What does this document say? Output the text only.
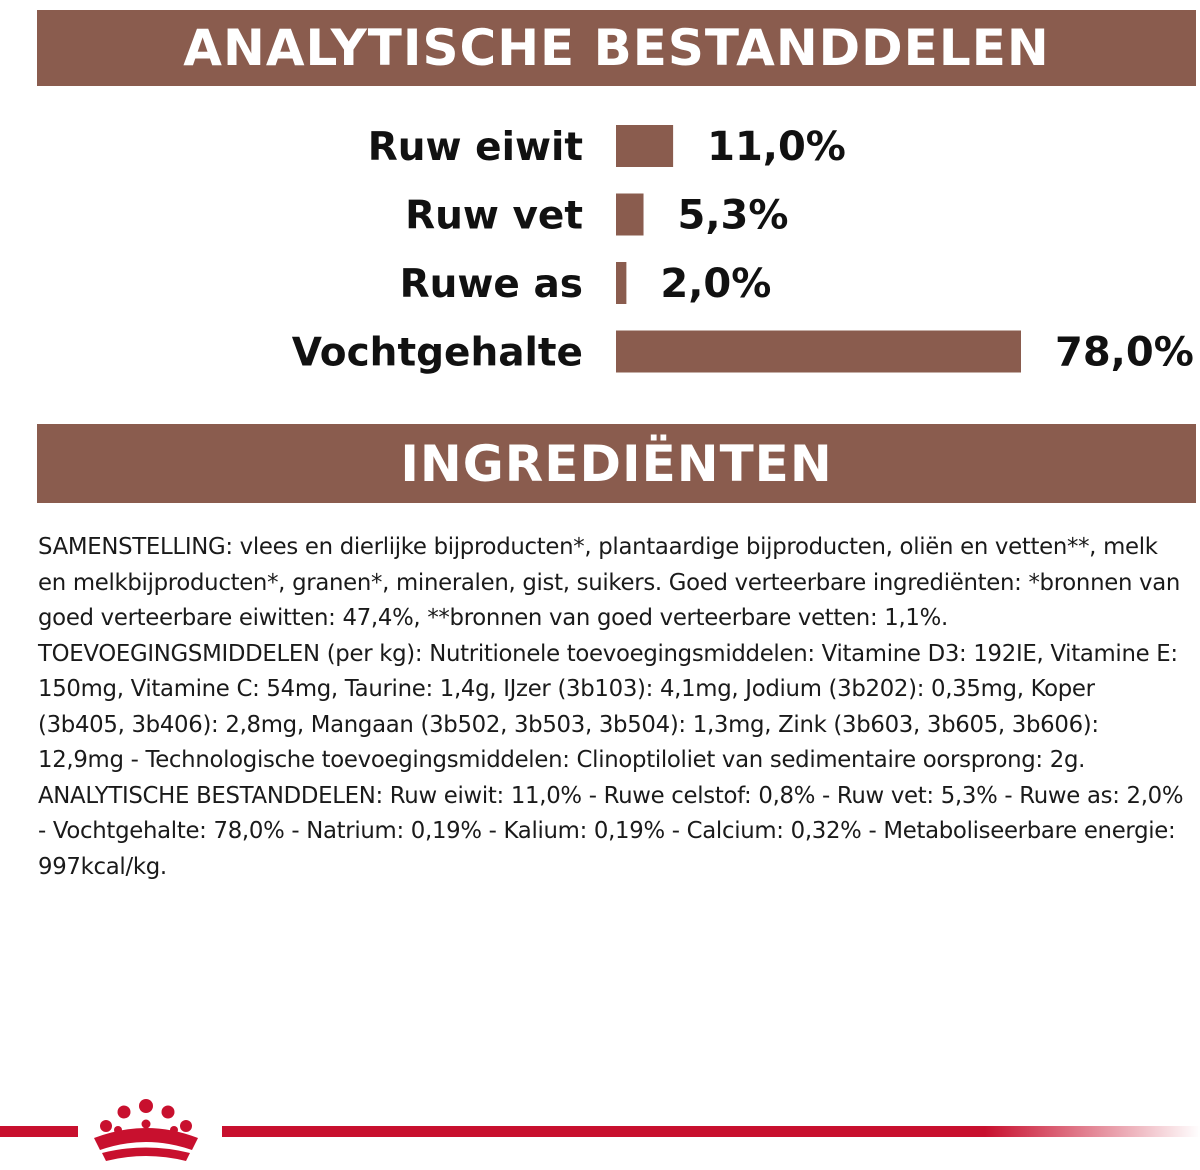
ANALYTISCHE BESTANDDELEN
Ruw eiwit	11,0%
Ruw vet 5,3%
Ruwe as 2,0%
Vochtgehalte	78,0%
INGREDIËNTEN

SAMENSTELLING: vlees en dierlijke bijproducten*, plantaardige bijproducten, oliën en vetten**, melk en melkbijproducten*, granen*, mineralen, gist, suikers. Goed verteerbare ingrediënten: *bronnen van goed verteerbare eiwitten: 47,4%, **bronnen van goed verteerbare vetten: 1,1%. TOEVOEGINGSMIDDELEN (per kg): Nutritionele toevoegingsmiddelen: Vitamine D3: 192IE, Vitamine E: 150mg, Vitamine C: 54mg, Taurine: 1,4g, IJzer (3b103): 4,1mg, Jodium (3b202): 0,35mg, Koper (3b405, 3b406): 2,8mg, Mangaan (3b502, 3b503, 3b504): 1,3mg, Zink (3b603, 3b605, 3b606): 12,9mg - Technologische toevoegingsmiddelen: Clinoptiloliet van sedimentaire oorsprong: 2g. ANALYTISCHE BESTANDDELEN: Ruw eiwit: 11,0% - Ruwe celstof: 0,8% - Ruw vet: 5,3% - Ruwe as: 2,0% - Vochtgehalte: 78,0% - Natrium: 0,19% - Kalium: 0,19% - Calcium: 0,32% - Metaboliseerbare energie: 997kcal/kg.
